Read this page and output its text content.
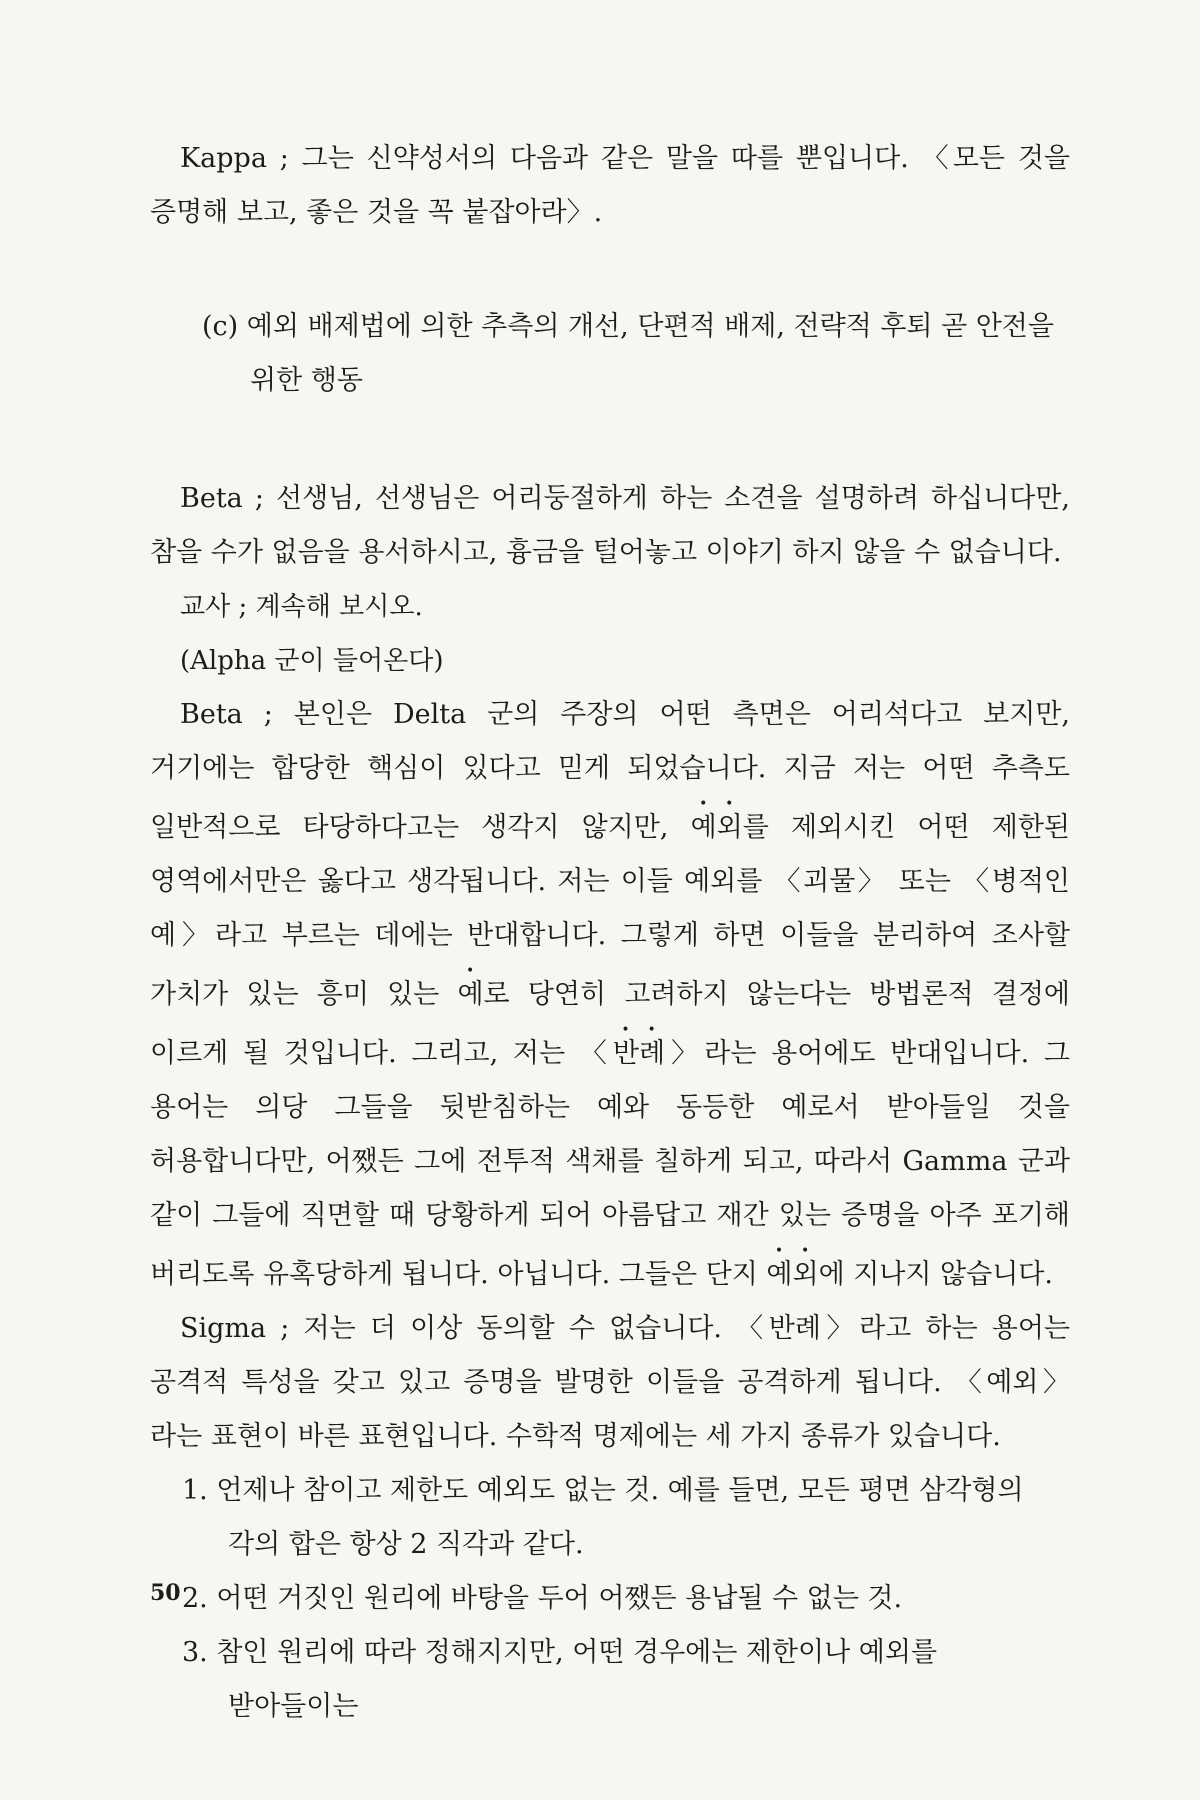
Kappa ; 그는 신약성서의 다음과 같은 말을 따를 뿐입니다. 〈모든 것을 증명해 보고, 좋은 것을 꼭 붙잡아라〉.

(c) 예외 배제법에 의한 추측의 개선, 단편적 배제, 전략적 후퇴 곧 안전을 위한 행동

Beta ; 선생님, 선생님은 어리둥절하게 하는 소견을 설명하려 하십니다만, 참을 수가 없음을 용서하시고, 흉금을 털어놓고 이야기 하지 않을 수 없습니다.

교사 ; 계속해 보시오.

(Alpha 군이 들어온다)

Beta ; 본인은 Delta 군의 주장의 어떤 측면은 어리석다고 보지만, 거기에는 합당한 핵심이 있다고 믿게 되었습니다. 지금 저는 어떤 추측도 일반적으로 타당하다고는 생각지 않지만, 예외를 제외시킨 어떤 제한된 영역에서만은 옳다고 생각됩니다. 저는 이들 예외를 〈괴물〉 또는 〈병적인 예〉라고 부르는 데에는 반대합니다. 그렇게 하면 이들을 분리하여 조사할 가치가 있는 흥미 있는 예로 당연히 고려하지 않는다는 방법론적 결정에 이르게 될 것입니다. 그리고, 저는 〈반례〉라는 용어에도 반대입니다. 그 용어는 의당 그들을 뒷받침하는 예와 동등한 예로서 받아들일 것을 허용합니다만, 어쨌든 그에 전투적 색채를 칠하게 되고, 따라서 Gamma 군과 같이 그들에 직면할 때 당황하게 되어 아름답고 재간 있는 증명을 아주 포기해 버리도록 유혹당하게 됩니다. 아닙니다. 그들은 단지 예외에 지나지 않습니다.

Sigma ; 저는 더 이상 동의할 수 없습니다. 〈반례〉라고 하는 용어는 공격적 특성을 갖고 있고 증명을 발명한 이들을 공격하게 됩니다. 〈예외〉라는 표현이 바른 표현입니다. 수학적 명제에는 세 가지 종류가 있습니다.

1. 언제나 참이고 제한도 예외도 없는 것. 예를 들면, 모든 평면 삼각형의 각의 합은 항상 2 직각과 같다.

2. 어떤 거짓인 원리에 바탕을 두어 어쨌든 용납될 수 없는 것.

3. 참인 원리에 따라 정해지지만, 어떤 경우에는 제한이나 예외를 받아들이는

50
